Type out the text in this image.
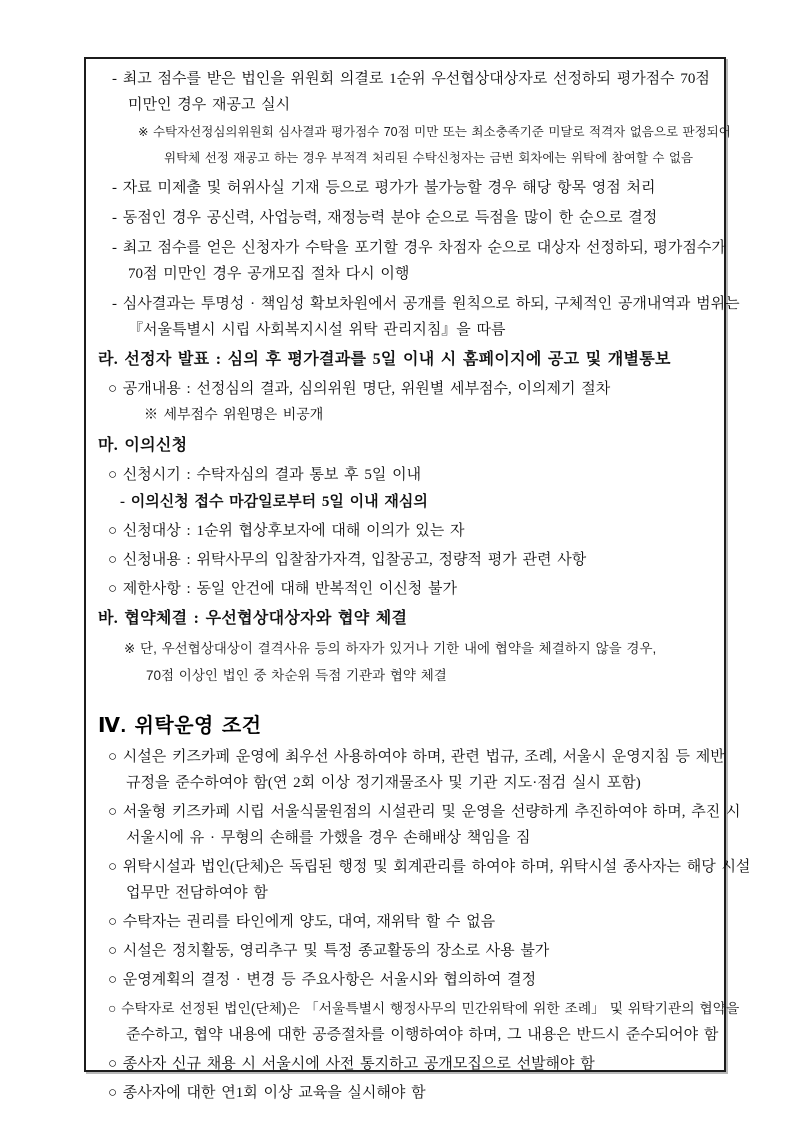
- 최고 점수를 받은 법인을 위원회 의결로 1순위 우선협상대상자로 선정하되 평가점수 70점
미만인 경우 재공고 실시
※ 수탁자선정심의위원회 심사결과 평가점수 70점 미만 또는 최소충족기준 미달로 적격자 없음으로 판정되어
위탁체 선정 재공고 하는 경우 부적격 처리된 수탁신청자는 금번 회차에는 위탁에 참여할 수 없음
- 자료 미제출 및 허위사실 기재 등으로 평가가 불가능할 경우 해당 항목 영점 처리
- 동점인 경우 공신력, 사업능력, 재정능력 분야 순으로 득점을 많이 한 순으로 결정
- 최고 점수를 얻은 신청자가 수탁을 포기할 경우 차점자 순으로 대상자 선정하되, 평가점수가
70점 미만인 경우 공개모집 절차 다시 이행
- 심사결과는 투명성 · 책임성 확보차원에서 공개를 원칙으로 하되, 구체적인 공개내역과 범위는
『서울특별시 시립 사회복지시설 위탁 관리지침』을 따름
라. 선정자 발표 : 심의 후 평가결과를 5일 이내 시 홈페이지에 공고 및 개별통보
○ 공개내용 : 선정심의 결과, 심의위원 명단, 위원별 세부점수, 이의제기 절차
※ 세부점수 위원명은 비공개
마. 이의신청
○ 신청시기 : 수탁자심의 결과 통보 후 5일 이내
- 이의신청 접수 마감일로부터 5일 이내 재심의
○ 신청대상 : 1순위 협상후보자에 대해 이의가 있는 자
○ 신청내용 : 위탁사무의 입찰참가자격, 입찰공고, 정량적 평가 관련 사항
○ 제한사항 : 동일 안건에 대해 반복적인 이신청 불가
바. 협약체결 : 우선협상대상자와 협약 체결
※ 단, 우선협상대상이 결격사유 등의 하자가 있거나 기한 내에 협약을 체결하지 않을 경우,
70점 이상인 법인 중 차순위 득점 기관과 협약 체결
Ⅳ. 위탁운영 조건
○ 시설은 키즈카페 운영에 최우선 사용하여야 하며, 관련 법규, 조례, 서울시 운영지침 등 제반
규정을 준수하여야 함(연 2회 이상 정기재물조사 및 기관 지도·점검 실시 포함)
○ 서울형 키즈카페 시립 서울식물원점의 시설관리 및 운영을 선량하게 추진하여야 하며, 추진 시
서울시에 유 · 무형의 손해를 가했을 경우 손해배상 책임을 짐
○ 위탁시설과 법인(단체)은 독립된 행정 및 회계관리를 하여야 하며, 위탁시설 종사자는 해당 시설
업무만 전담하여야 함
○ 수탁자는 권리를 타인에게 양도, 대여, 재위탁 할 수 없음
○ 시설은 정치활동, 영리추구 및 특정 종교활동의 장소로 사용 불가
○ 운영계획의 결정 · 변경 등 주요사항은 서울시와 협의하여 결정
○ 수탁자로 선정된 법인(단체)은 「서울특별시 행정사무의 민간위탁에 위한 조례」 및 위탁기관의 협약을
준수하고, 협약 내용에 대한 공증절차를 이행하여야 하며, 그 내용은 반드시 준수되어야 함
○ 종사자 신규 채용 시 서울시에 사전 통지하고 공개모집으로 선발해야 함
○ 종사자에 대한 연1회 이상 교육을 실시해야 함
